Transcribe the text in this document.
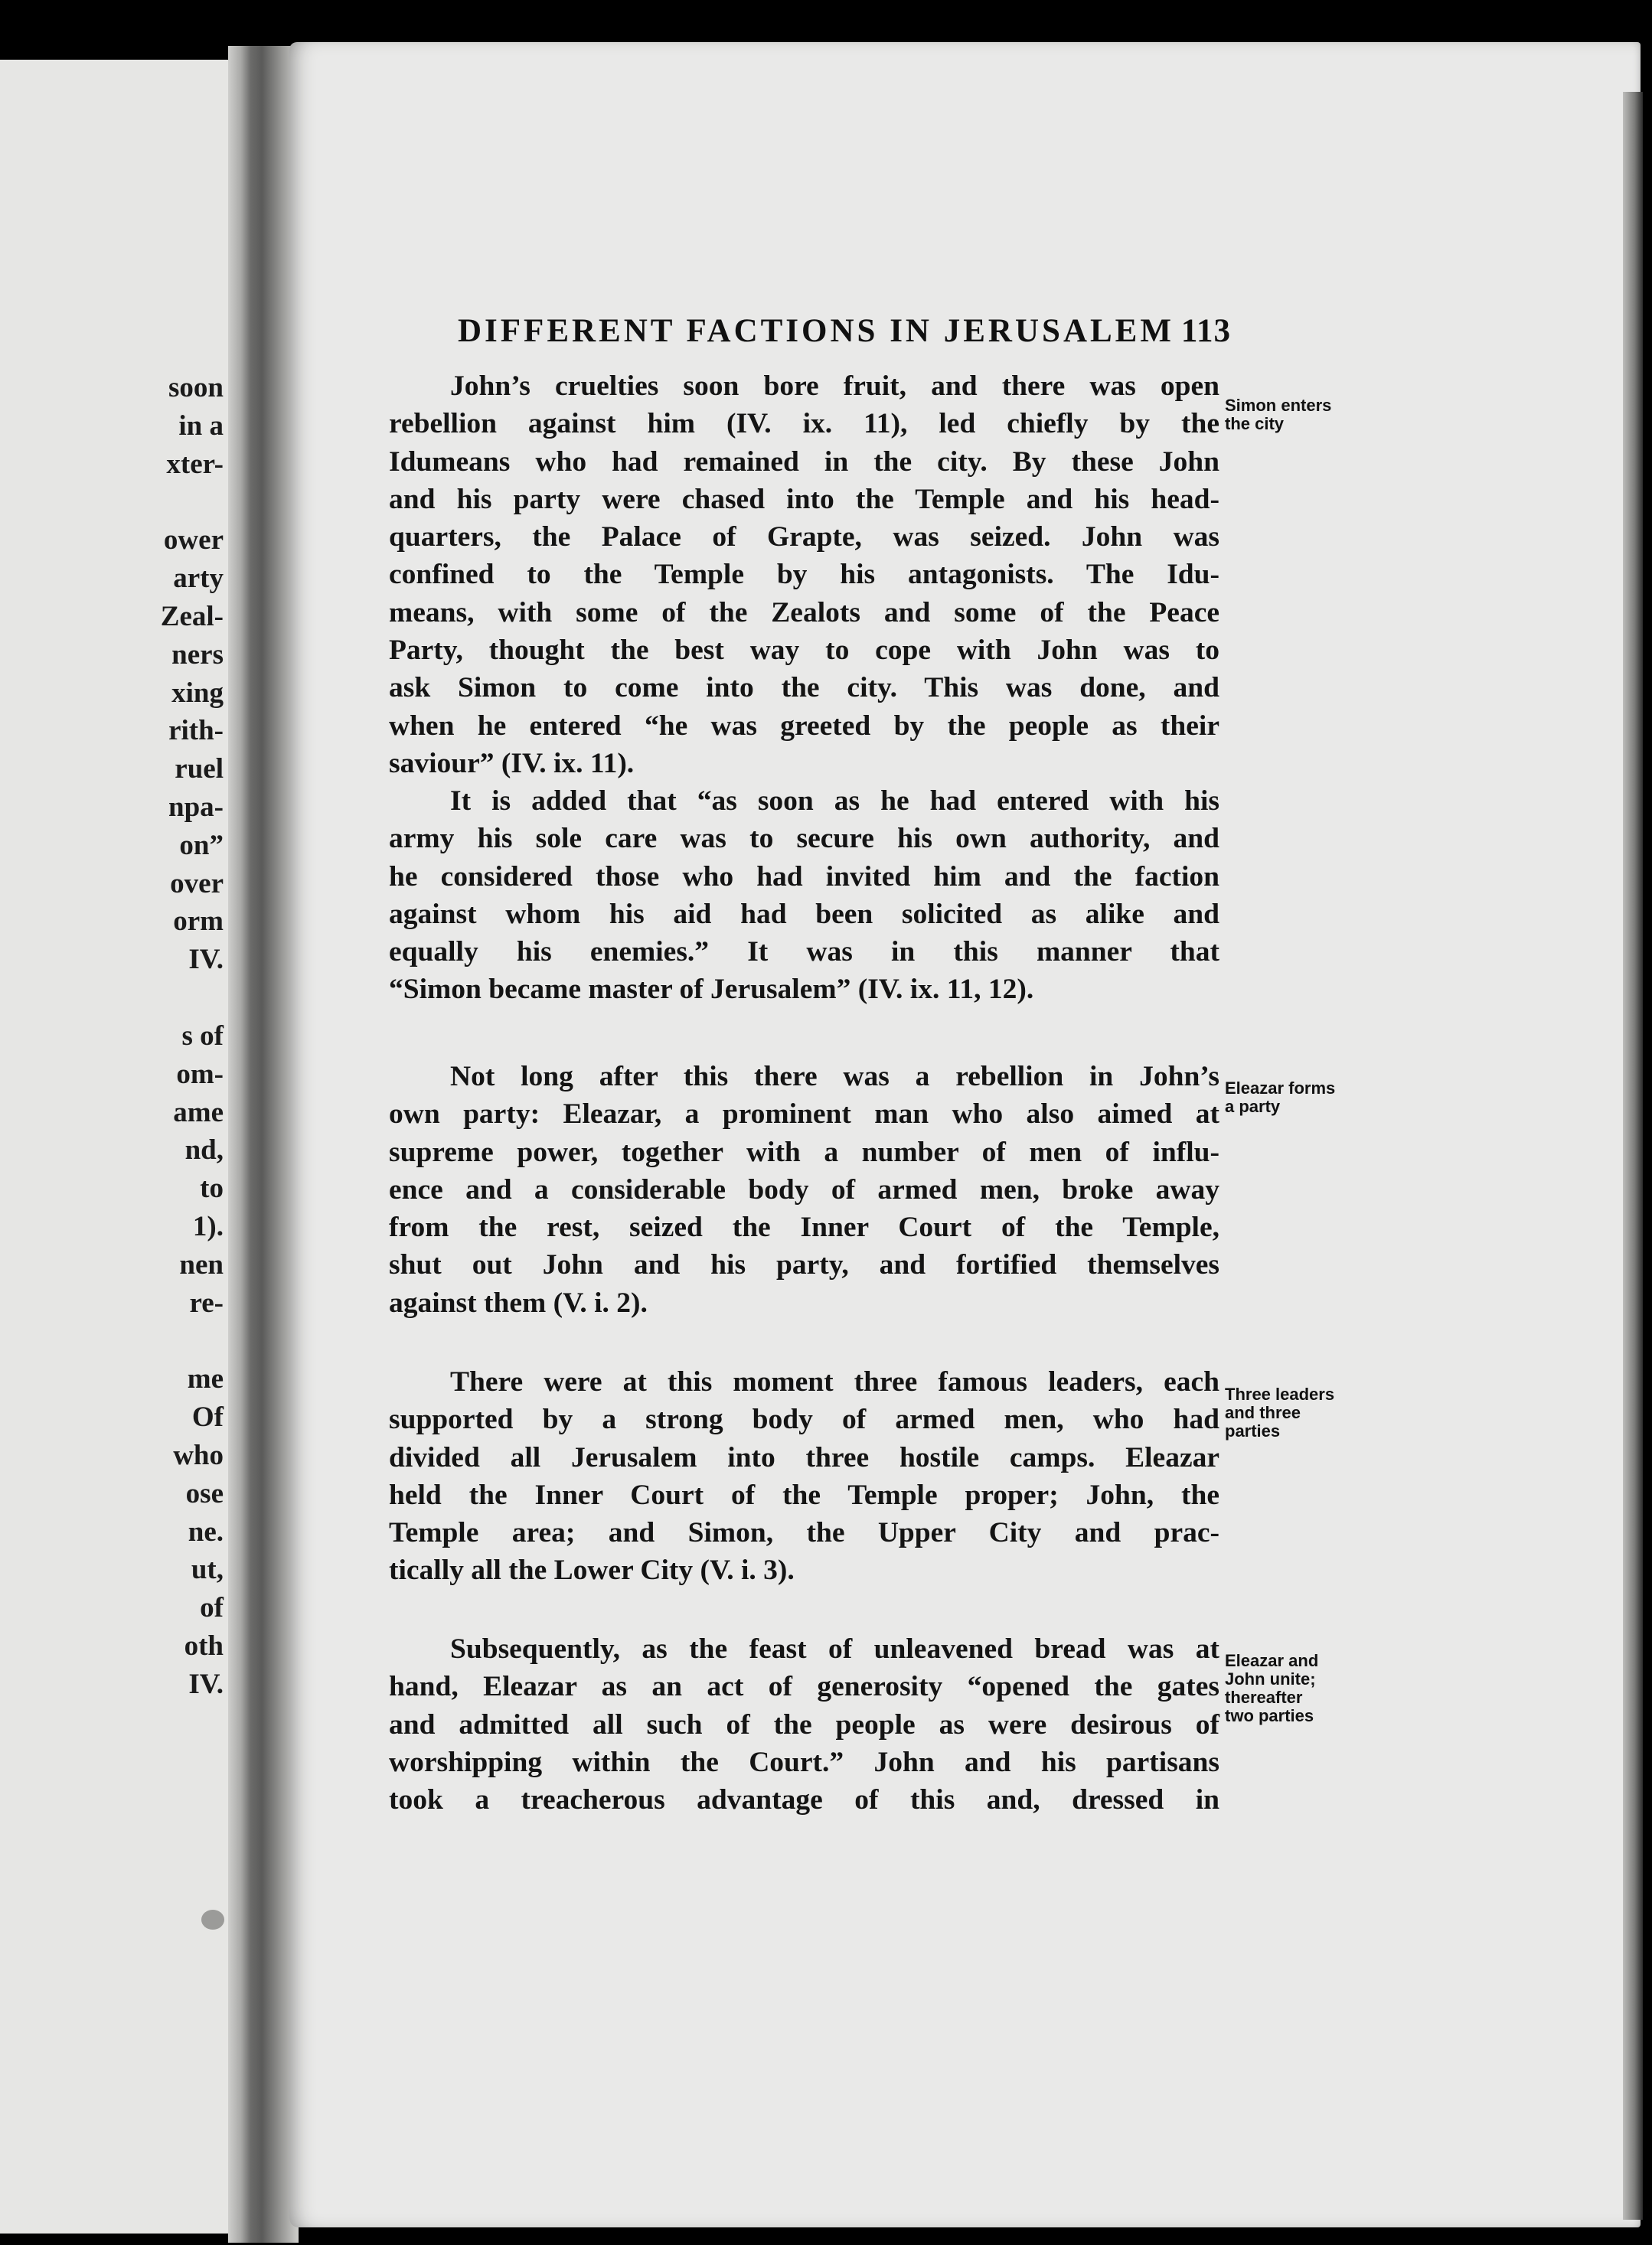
soon
in a
xter-
ower
arty
Zeal-
ners
xing
rith-
ruel
npa-
on”
over
orm
IV.
s of
om-
ame
nd,
to
1).
nen
re-
me
Of
who
ose
ne.
ut,
of
oth
IV.
DIFFERENT FACTIONS IN JERUSALEM 113
John’s cruelties soon bore fruit, and there was open
rebellion against him (IV. ix. 11), led chiefly by the
Idumeans who had remained in the city. By these John
and his party were chased into the Temple and his head-
quarters, the Palace of Grapte, was seized. John was
confined to the Temple by his antagonists. The Idu-
means, with some of the Zealots and some of the Peace
Party, thought the best way to cope with John was to
ask Simon to come into the city. This was done, and
when he entered “he was greeted by the people as their
saviour” (IV. ix. 11).
It is added that “as soon as he had entered with his
army his sole care was to secure his own authority, and
he considered those who had invited him and the faction
against whom his aid had been solicited as alike and
equally his enemies.” It was in this manner that
“Simon became master of Jerusalem” (IV. ix. 11, 12).
Not long after this there was a rebellion in John’s
own party: Eleazar, a prominent man who also aimed at
supreme power, together with a number of men of influ-
ence and a considerable body of armed men, broke away
from the rest, seized the Inner Court of the Temple,
shut out John and his party, and fortified themselves
against them (V. i. 2).
There were at this moment three famous leaders, each
supported by a strong body of armed men, who had
divided all Jerusalem into three hostile camps. Eleazar
held the Inner Court of the Temple proper; John, the
Temple area; and Simon, the Upper City and prac-
tically all the Lower City (V. i. 3).
Subsequently, as the feast of unleavened bread was at
hand, Eleazar as an act of generosity “opened the gates
and admitted all such of the people as were desirous of
worshipping within the Court.” John and his partisans
took a treacherous advantage of this and, dressed in
Simon enters
the city
Eleazar forms
a party
Three leaders
and three
parties
Eleazar and
John unite;
thereafter
two parties
